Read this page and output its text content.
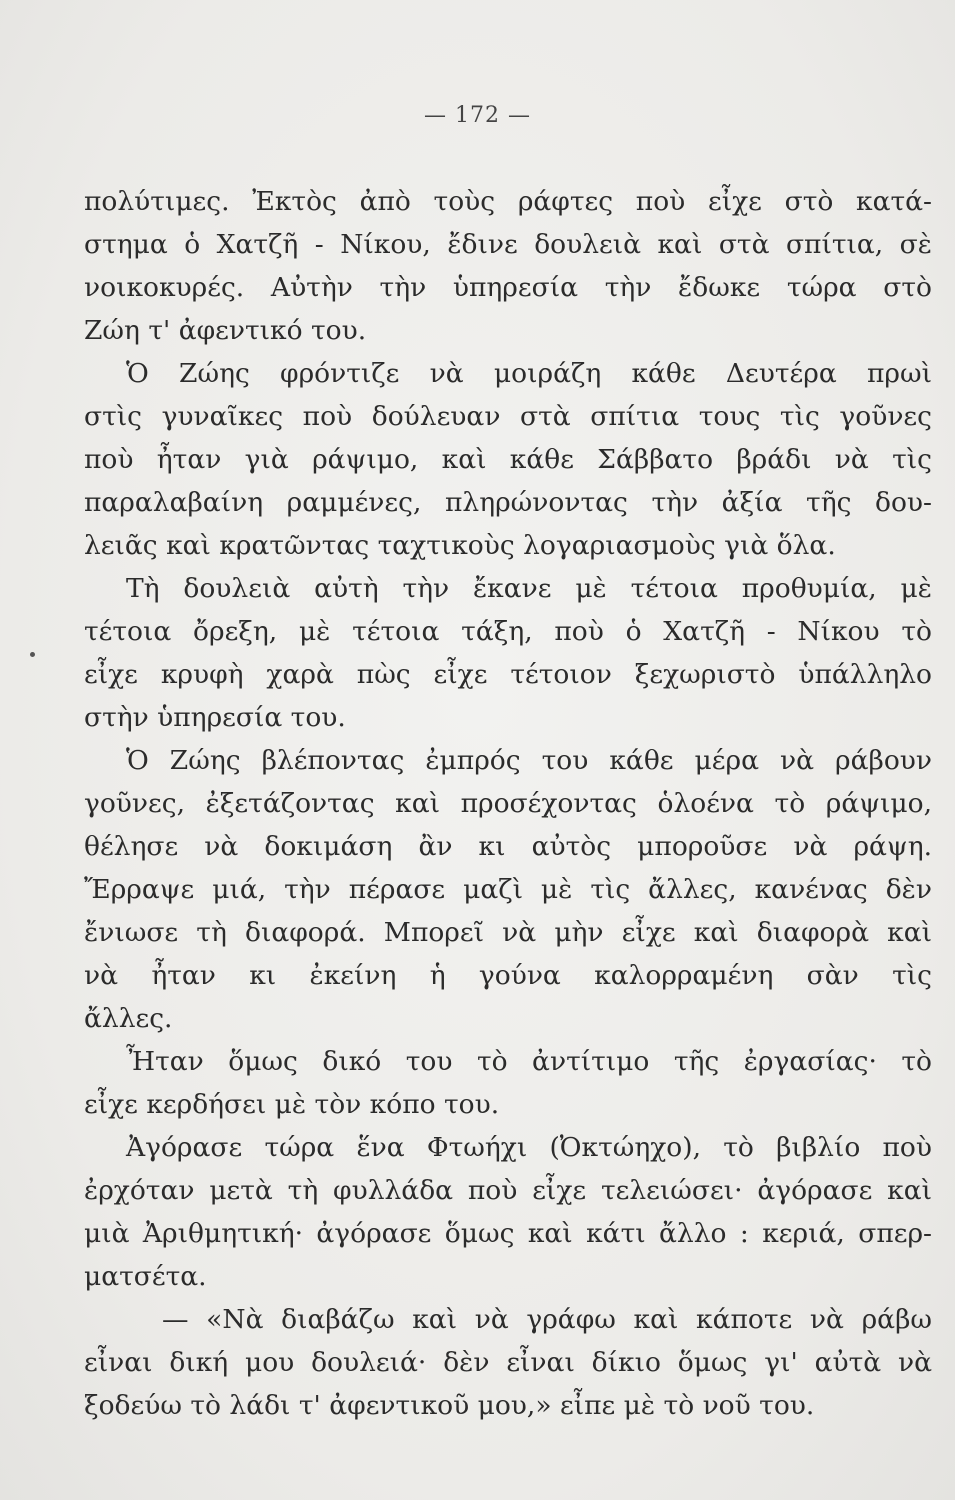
— 172 —
πολύτιμες. Ἐκτὸς ἀπὸ τοὺς ράφτες ποὺ εἶχε στὸ κατά-
στημα ὁ Χατζῆ - Νίκου, ἔδινε δουλειὰ καὶ στὰ σπίτια, σὲ
νοικοκυρές. Αὐτὴν τὴν ὑπηρεσία τὴν ἔδωκε τώρα στὸ
Ζώη τ' ἀφεντικό του.
Ὁ Ζώης φρόντιζε νὰ μοιράζη κάθε Δευτέρα πρωὶ
στὶς γυναῖκες ποὺ δούλευαν στὰ σπίτια τους τὶς γοῦνες
ποὺ ἦταν γιὰ ράψιμο, καὶ κάθε Σάββατο βράδι νὰ τὶς
παραλαβαίνη ραμμένες, πληρώνοντας τὴν ἀξία τῆς δου-
λειᾶς καὶ κρατῶντας ταχτικοὺς λογαριασμοὺς γιὰ ὅλα.
Τὴ δουλειὰ αὐτὴ τὴν ἔκανε μὲ τέτοια προθυμία, μὲ
τέτοια ὄρεξη, μὲ τέτοια τάξη, ποὺ ὁ Χατζῆ - Νίκου τὸ
εἶχε κρυφὴ χαρὰ πὼς εἶχε τέτοιον ξεχωριστὸ ὑπάλληλο
στὴν ὑπηρεσία του.
Ὁ Ζώης βλέποντας ἐμπρός του κάθε μέρα νὰ ράβουν
γοῦνες, ἐξετάζοντας καὶ προσέχοντας ὁλοένα τὸ ράψιμο,
θέλησε νὰ δοκιμάση ἂν κι αὐτὸς μποροῦσε νὰ ράψη.
Ἔρραψε μιά, τὴν πέρασε μαζὶ μὲ τὶς ἄλλες, κανένας δὲν
ἔνιωσε τὴ διαφορά. Μπορεῖ νὰ μὴν εἶχε καὶ διαφορὰ καὶ
νὰ ἦταν κι ἐκείνη ἡ γούνα καλορραμένη σὰν τὶς
ἄλλες.
Ἦταν ὅμως δικό του τὸ ἀντίτιμο τῆς ἐργασίας· τὸ
εἶχε κερδήσει μὲ τὸν κόπο του.
Ἀγόρασε τώρα ἕνα Φτωήχι (Ὀκτώηχο), τὸ βιβλίο ποὺ
ἐρχόταν μετὰ τὴ φυλλάδα ποὺ εἶχε τελειώσει· ἀγόρασε καὶ
μιὰ Ἀριθμητική· ἀγόρασε ὅμως καὶ κάτι ἄλλο : κεριά, σπερ-
ματσέτα.
— «Νὰ διαβάζω καὶ νὰ γράφω καὶ κάποτε νὰ ράβω
εἶναι δική μου δουλειά· δὲν εἶναι δίκιο ὅμως γι' αὐτὰ νὰ
ξοδεύω τὸ λάδι τ' ἀφεντικοῦ μου,» εἶπε μὲ τὸ νοῦ του.
